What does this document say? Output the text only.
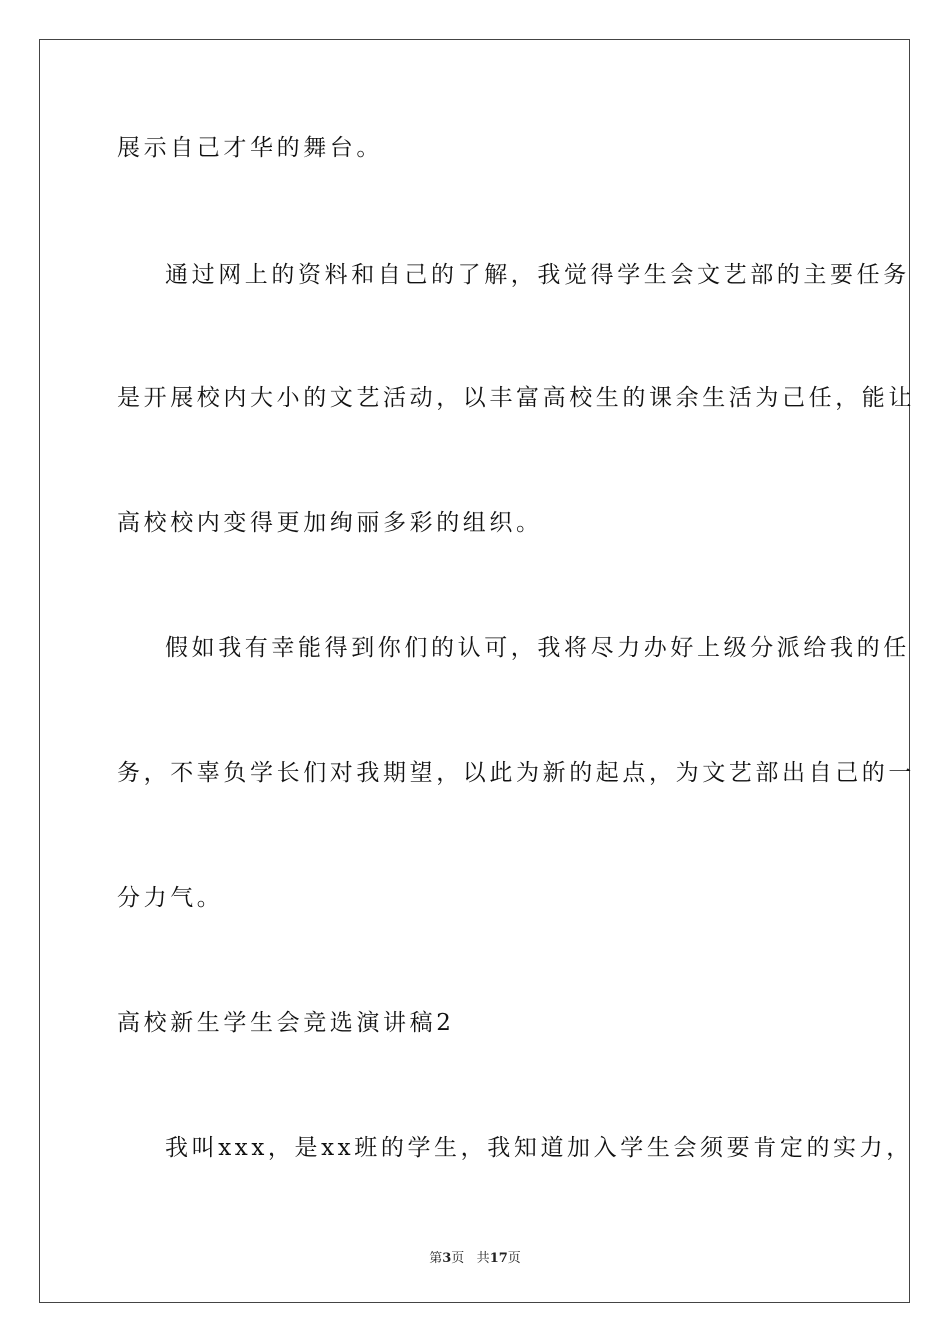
展示自己才华的舞台。
通过网上的资料和自己的了解，我觉得学生会文艺部的主要任务
是开展校内大小的文艺活动，以丰富高校生的课余生活为己任，能让
高校校内变得更加绚丽多彩的组织。
假如我有幸能得到你们的认可，我将尽力办好上级分派给我的任
务，不辜负学长们对我期望，以此为新的起点，为文艺部出自己的一
分力气。
高校新生学生会竞选演讲稿2
我叫xxx，是xx班的学生，我知道加入学生会须要肯定的实力，
第3页 共17页
